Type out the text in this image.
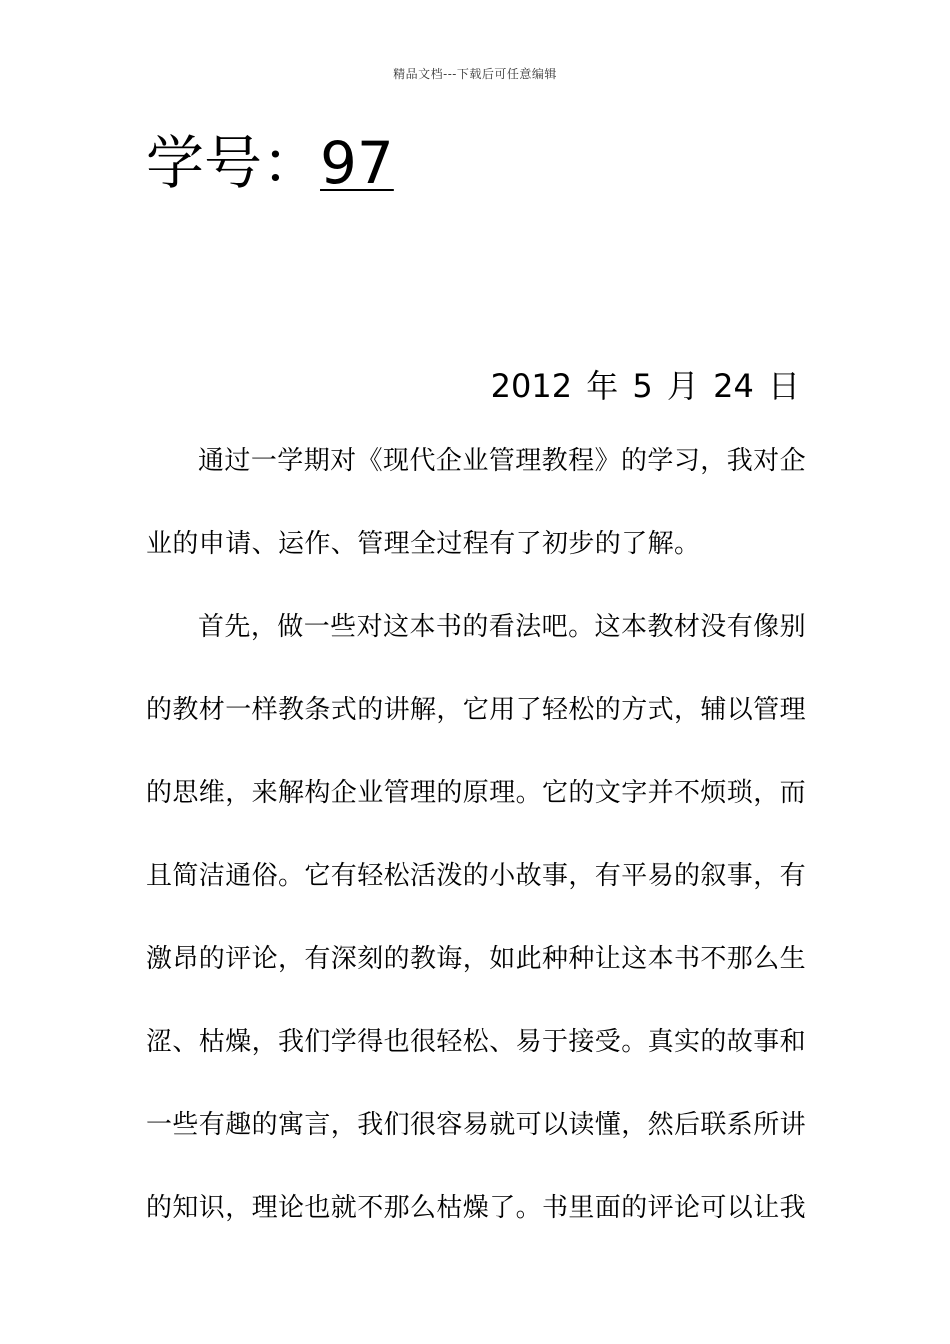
精品文档---下载后可任意编辑
学号：97
2012 年 5 月 24 日

通过一学期对《现代企业管理教程》的学习，我对企业的申请、运作、管理全过程有了初步的了解。

首先，做一些对这本书的看法吧。这本教材没有像别的教材一样教条式的讲解，它用了轻松的方式，辅以管理的思维，来解构企业管理的原理。它的文字并不烦琐，而且简洁通俗。它有轻松活泼的小故事，有平易的叙事，有激昂的评论，有深刻的教诲，如此种种让这本书不那么生涩、枯燥，我们学得也很轻松、易于接受。真实的故事和一些有趣的寓言，我们很容易就可以读懂，然后联系所讲的知识，理论也就不那么枯燥了。书里面的评论可以让我
